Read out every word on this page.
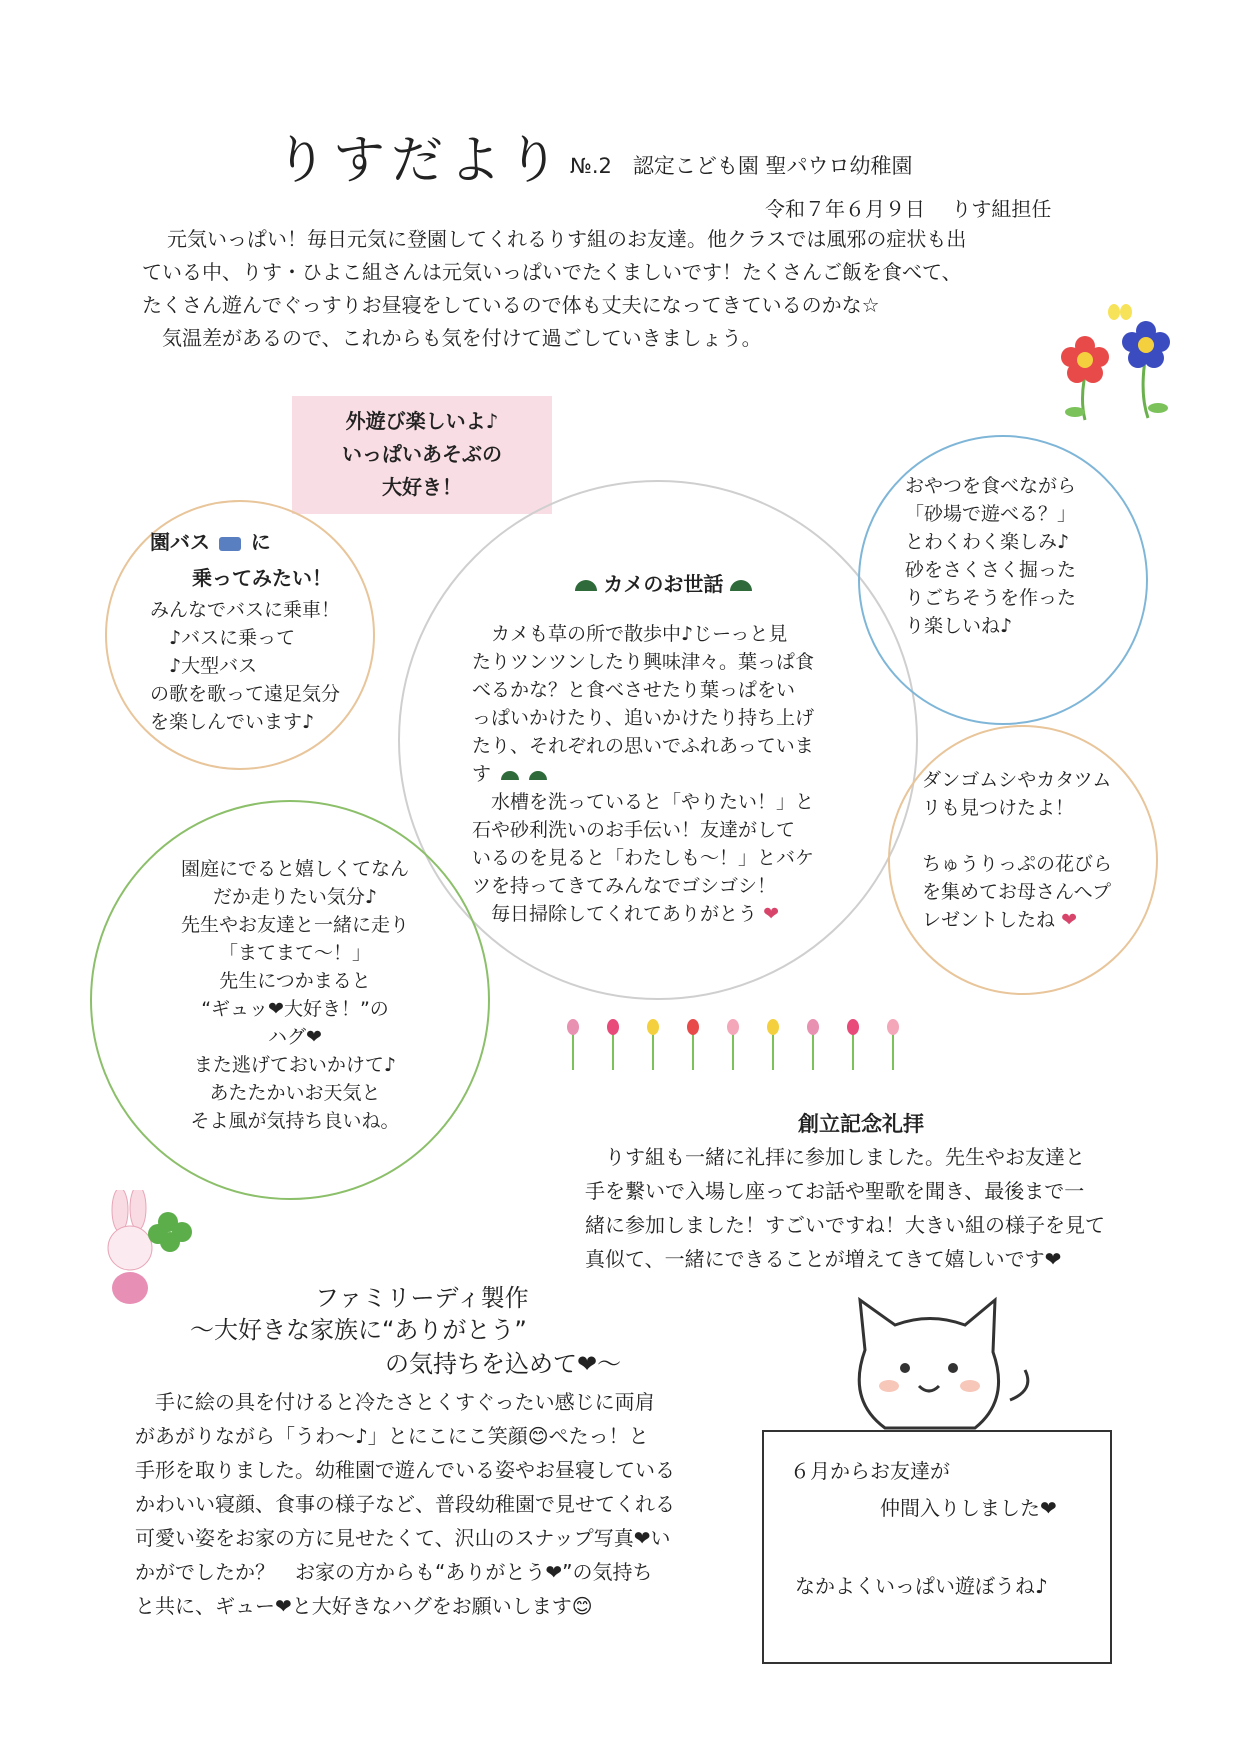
りすだより №.2　認定こども園 聖パウロ幼稚園
令和７年６月９日　 りす組担任

元気いっぱい！毎日元気に登園してくれるりす組のお友達。他クラスでは風邪の症状も出

ている中、りす・ひよこ組さんは元気いっぱいでたくましいです！たくさんご飯を食べて、

たくさん遊んでぐっすりお昼寝をしているので体も丈夫になってきているのかな☆

　気温差があるので、これからも気を付けて過ごしていきましょう。

外遊び楽しいよ♪
いっぱいあそぶの
大好き！
園バス に
乗ってみたい！
みんなでバスに乗車！
　♪バスに乗って
　♪大型バス
の歌を歌って遠足気分
を楽しんでいます♪
カメのお世話
　カメも草の所で散歩中♪じーっと見
たりツンツンしたり興味津々。葉っぱ食
べるかな？と食べさせたり葉っぱをい
っぱいかけたり、追いかけたり持ち上げ
たり、それぞれの思いでふれあっていま
す
　水槽を洗っていると「やりたい！」と
石や砂利洗いのお手伝い！友達がして
いるのを見ると「わたしも～！」とバケ
ツを持ってきてみんなでゴシゴシ！
　毎日掃除してくれてありがとう ❤
おやつを食べながら
「砂場で遊べる？」
とわくわく楽しみ♪
砂をさくさく掘った
りごちそうを作った
り楽しいね♪
ダンゴムシやカタツム
リも見つけたよ！
ちゅうりっぷの花びら
を集めてお母さんへプ
レゼントしたね ❤
園庭にでると嬉しくてなん
だか走りたい気分♪
先生やお友達と一緒に走り
「まてまて～！」
先生につかまると
“ギュッ❤大好き！”の
ハグ❤
また逃げておいかけて♪
あたたかいお天気と
そよ風が気持ち良いね。	創立記念礼拝
　りす組も一緒に礼拝に参加しました。先生やお友達と
手を繋いで入場し座ってお話や聖歌を聞き、最後まで一
緒に参加しました！すごいですね！大きい組の様子を見て
真似て、一緒にできることが増えてきて嬉しいです❤
ファミリーディ製作
～大好きな家族に“ありがとう”
の気持ちを込めて❤～
　手に絵の具を付けると冷たさとくすぐったい感じに両肩
があがりながら「うわ～♪」とにこにこ笑顔😊ぺたっ！と
手形を取りました。幼稚園で遊んでいる姿やお昼寝している
かわいい寝顔、食事の様子など、普段幼稚園で見せてくれる
可愛い姿をお家の方に見せたくて、沢山のスナップ写真❤い
かがでしたか？　お家の方からも“ありがとう❤”の気持ち
と共に、ギュー❤と大好きなハグをお願いします😊
６月からお友達が
仲間入りしました❤
なかよくいっぱい遊ぼうね♪
